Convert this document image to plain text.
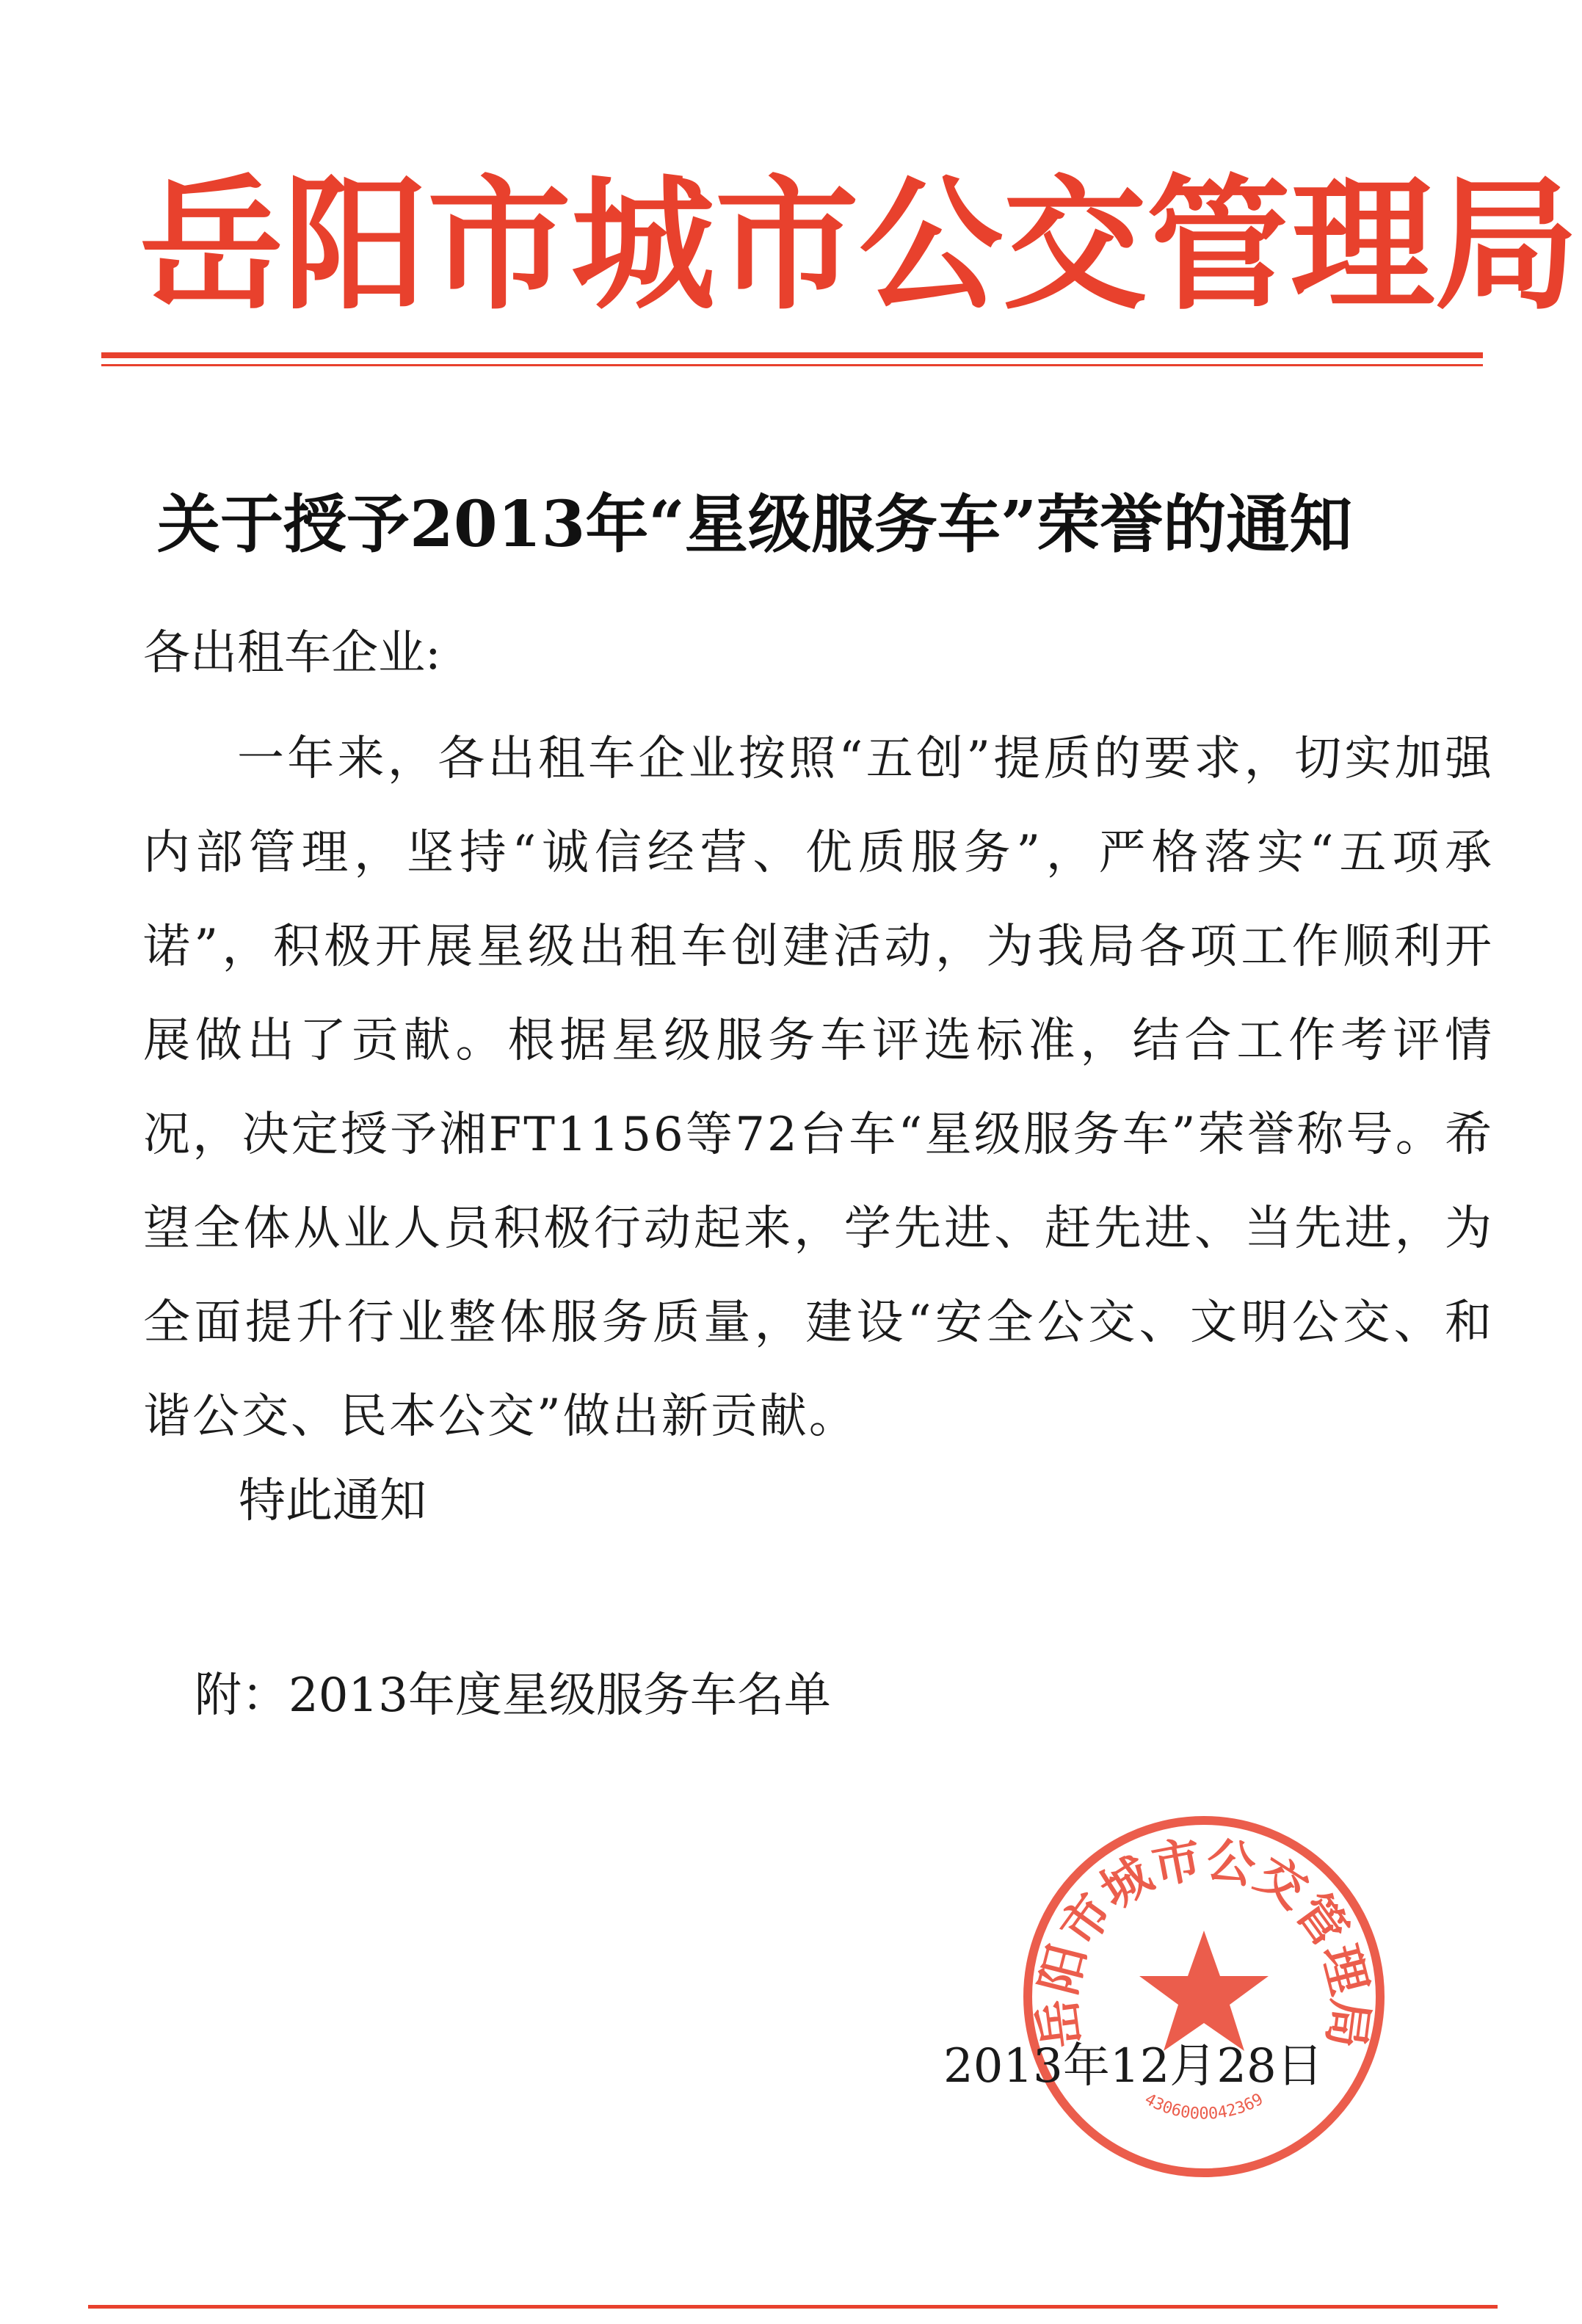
岳阳市城市公交管理局
关于授予2013年“星级服务车”荣誉的通知
各出租车企业:
一年来，各出租车企业按照“五创”提质的要求，切实加强内部管理，坚持“诚信经营、优质服务”，严格落实“五项承诺”，积极开展星级出租车创建活动，为我局各项工作顺利开展做出了贡献。根据星级服务车评选标准，结合工作考评情况，决定授予湘FT1156等72台车“星级服务车”荣誉称号。希望全体从业人员积极行动起来，学先进、赶先进、当先进，为全面提升行业整体服务质量，建设“安全公交、文明公交、和谐公交、民本公交”做出新贡献。
特此通知
附：2013年度星级服务车名单
岳阳市城市公交管理局
4306000042369
2013年12月28日
